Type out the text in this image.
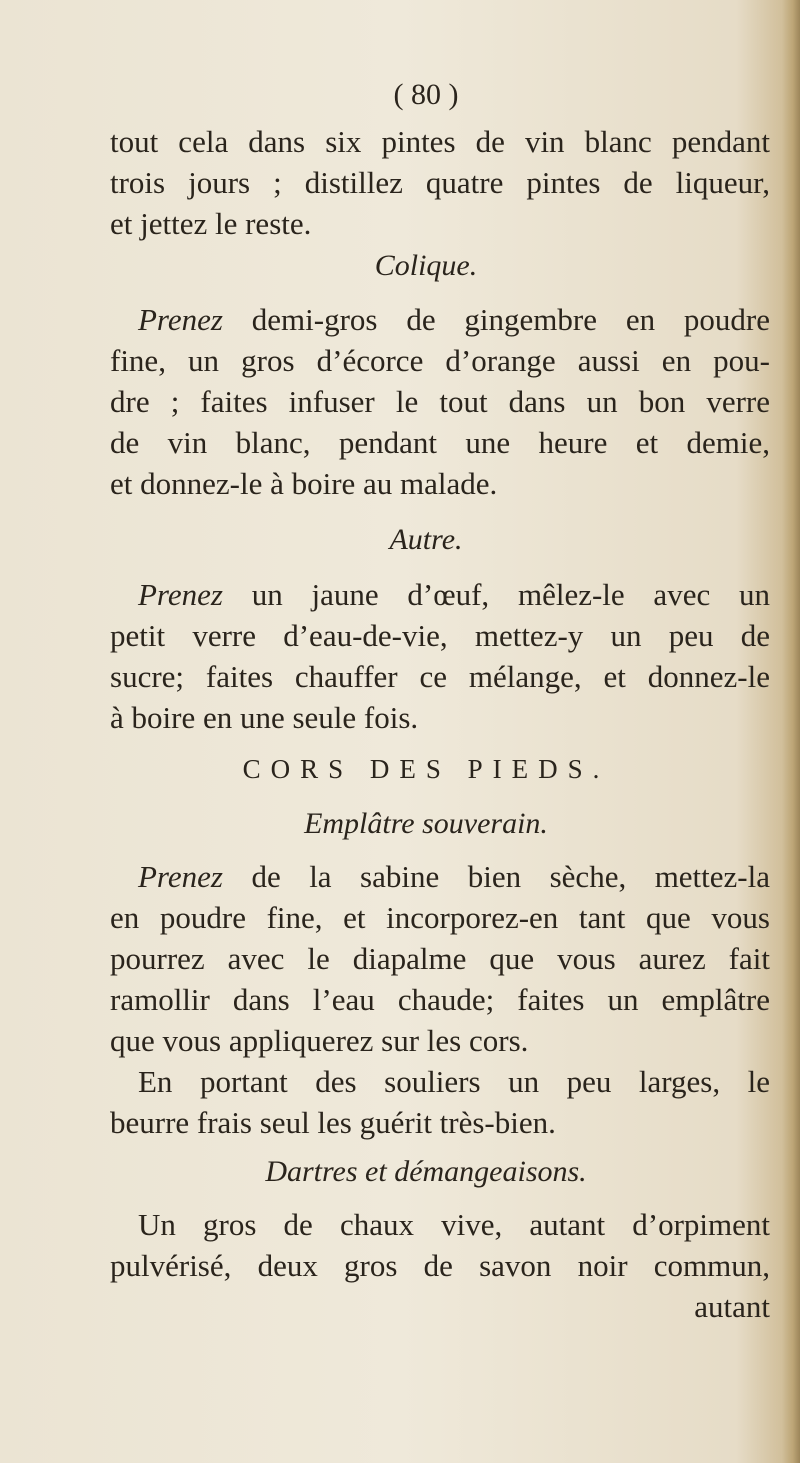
( 80 )
tout cela dans six pintes de vin blanc pendant
trois jours ; distillez quatre pintes de liqueur,
et jettez le reste.
Colique.
Prenez demi-gros de gingembre en poudre
fine, un gros d’écorce d’orange aussi en pou-
dre ; faites infuser le tout dans un bon verre
de vin blanc, pendant une heure et demie,
et donnez-le à boire au malade.
Autre.
Prenez un jaune d’œuf, mêlez-le avec un
petit verre d’eau-de-vie, mettez-y un peu de
sucre; faites chauffer ce mélange, et donnez-le
à boire en une seule fois.
CORS DES PIEDS.
Emplâtre souverain.
Prenez de la sabine bien sèche, mettez-la
en poudre fine, et incorporez-en tant que vous
pourrez avec le diapalme que vous aurez fait
ramollir dans l’eau chaude; faites un emplâtre
que vous appliquerez sur les cors.
En portant des souliers un peu larges, le
beurre frais seul les guérit très-bien.
Dartres et démangeaisons.
Un gros de chaux vive, autant d’orpiment
pulvérisé, deux gros de savon noir commun,
autant
